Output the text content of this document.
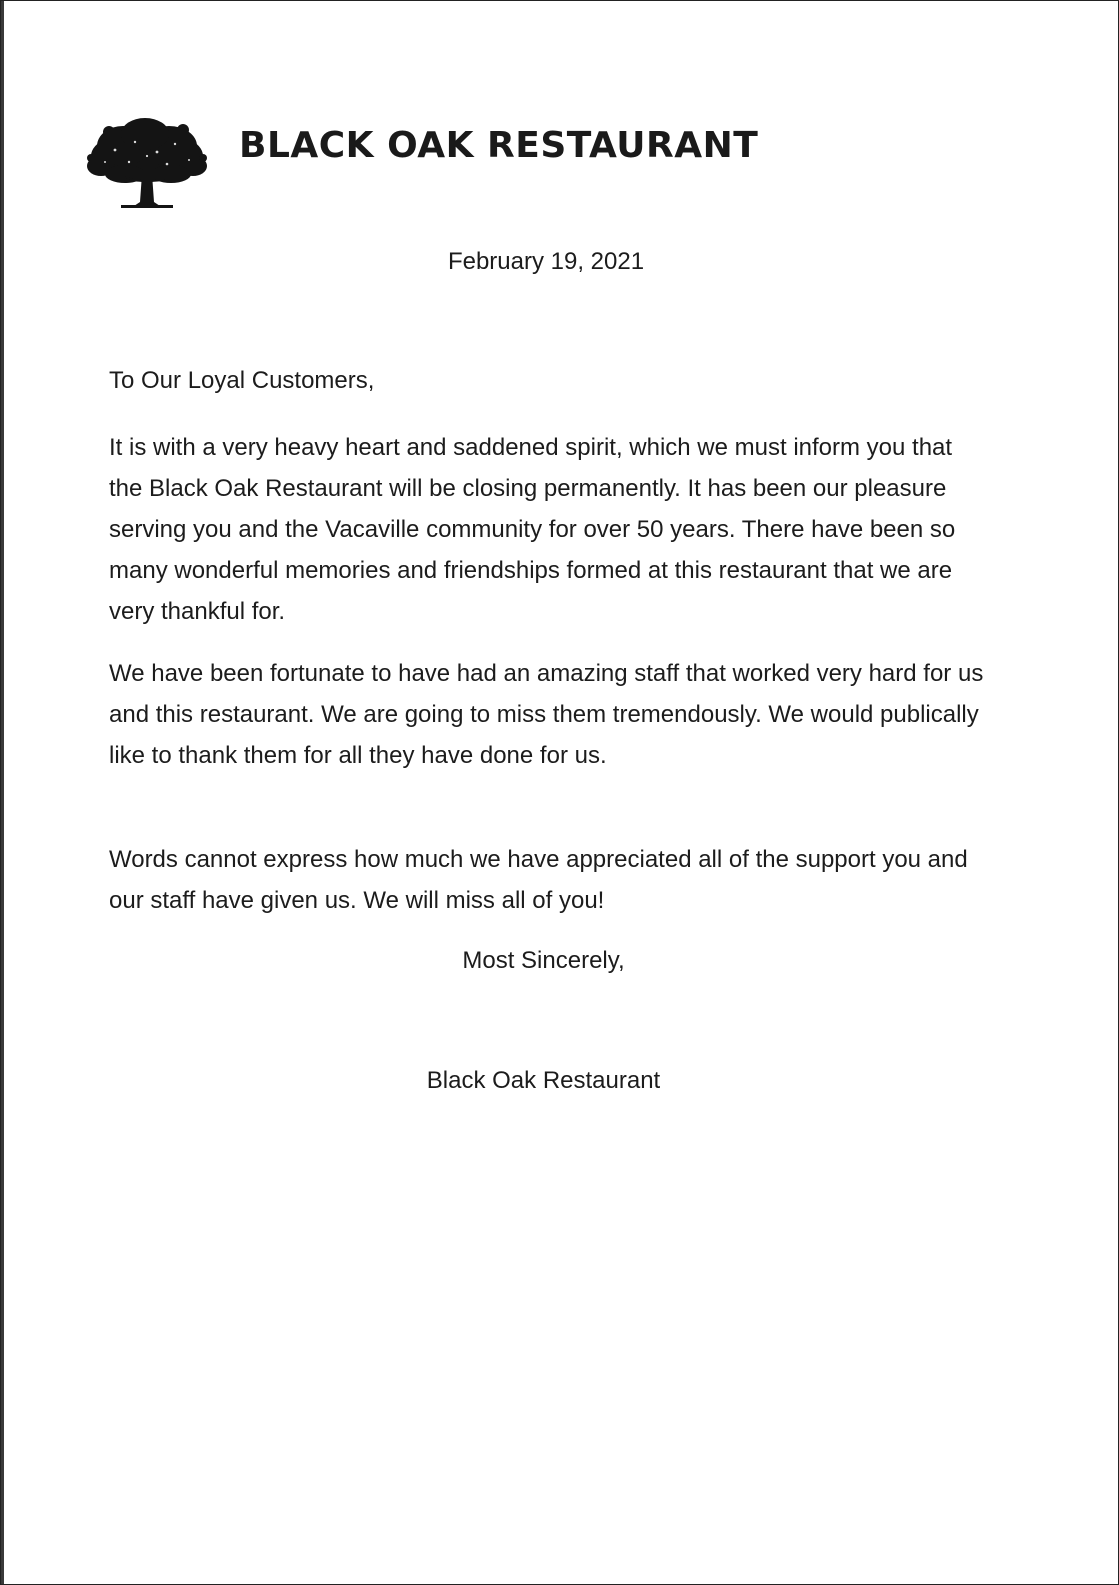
BLACK OAK RESTAURANT
February 19, 2021
To Our Loyal Customers,
It is with a very heavy heart and saddened spirit, which we must inform you that the Black Oak Restaurant will be closing permanently. It has been our pleasure serving you and the Vacaville community for over 50 years. There have been so many wonderful memories and friendships formed at this restaurant that we are very thankful for.
We have been fortunate to have had an amazing staff that worked very hard for us and this restaurant. We are going to miss them tremendously. We would publically like to thank them for all they have done for us.
Words cannot express how much we have appreciated all of the support you and our staff have given us. We will miss all of you!
Most Sincerely,
Black Oak Restaurant
